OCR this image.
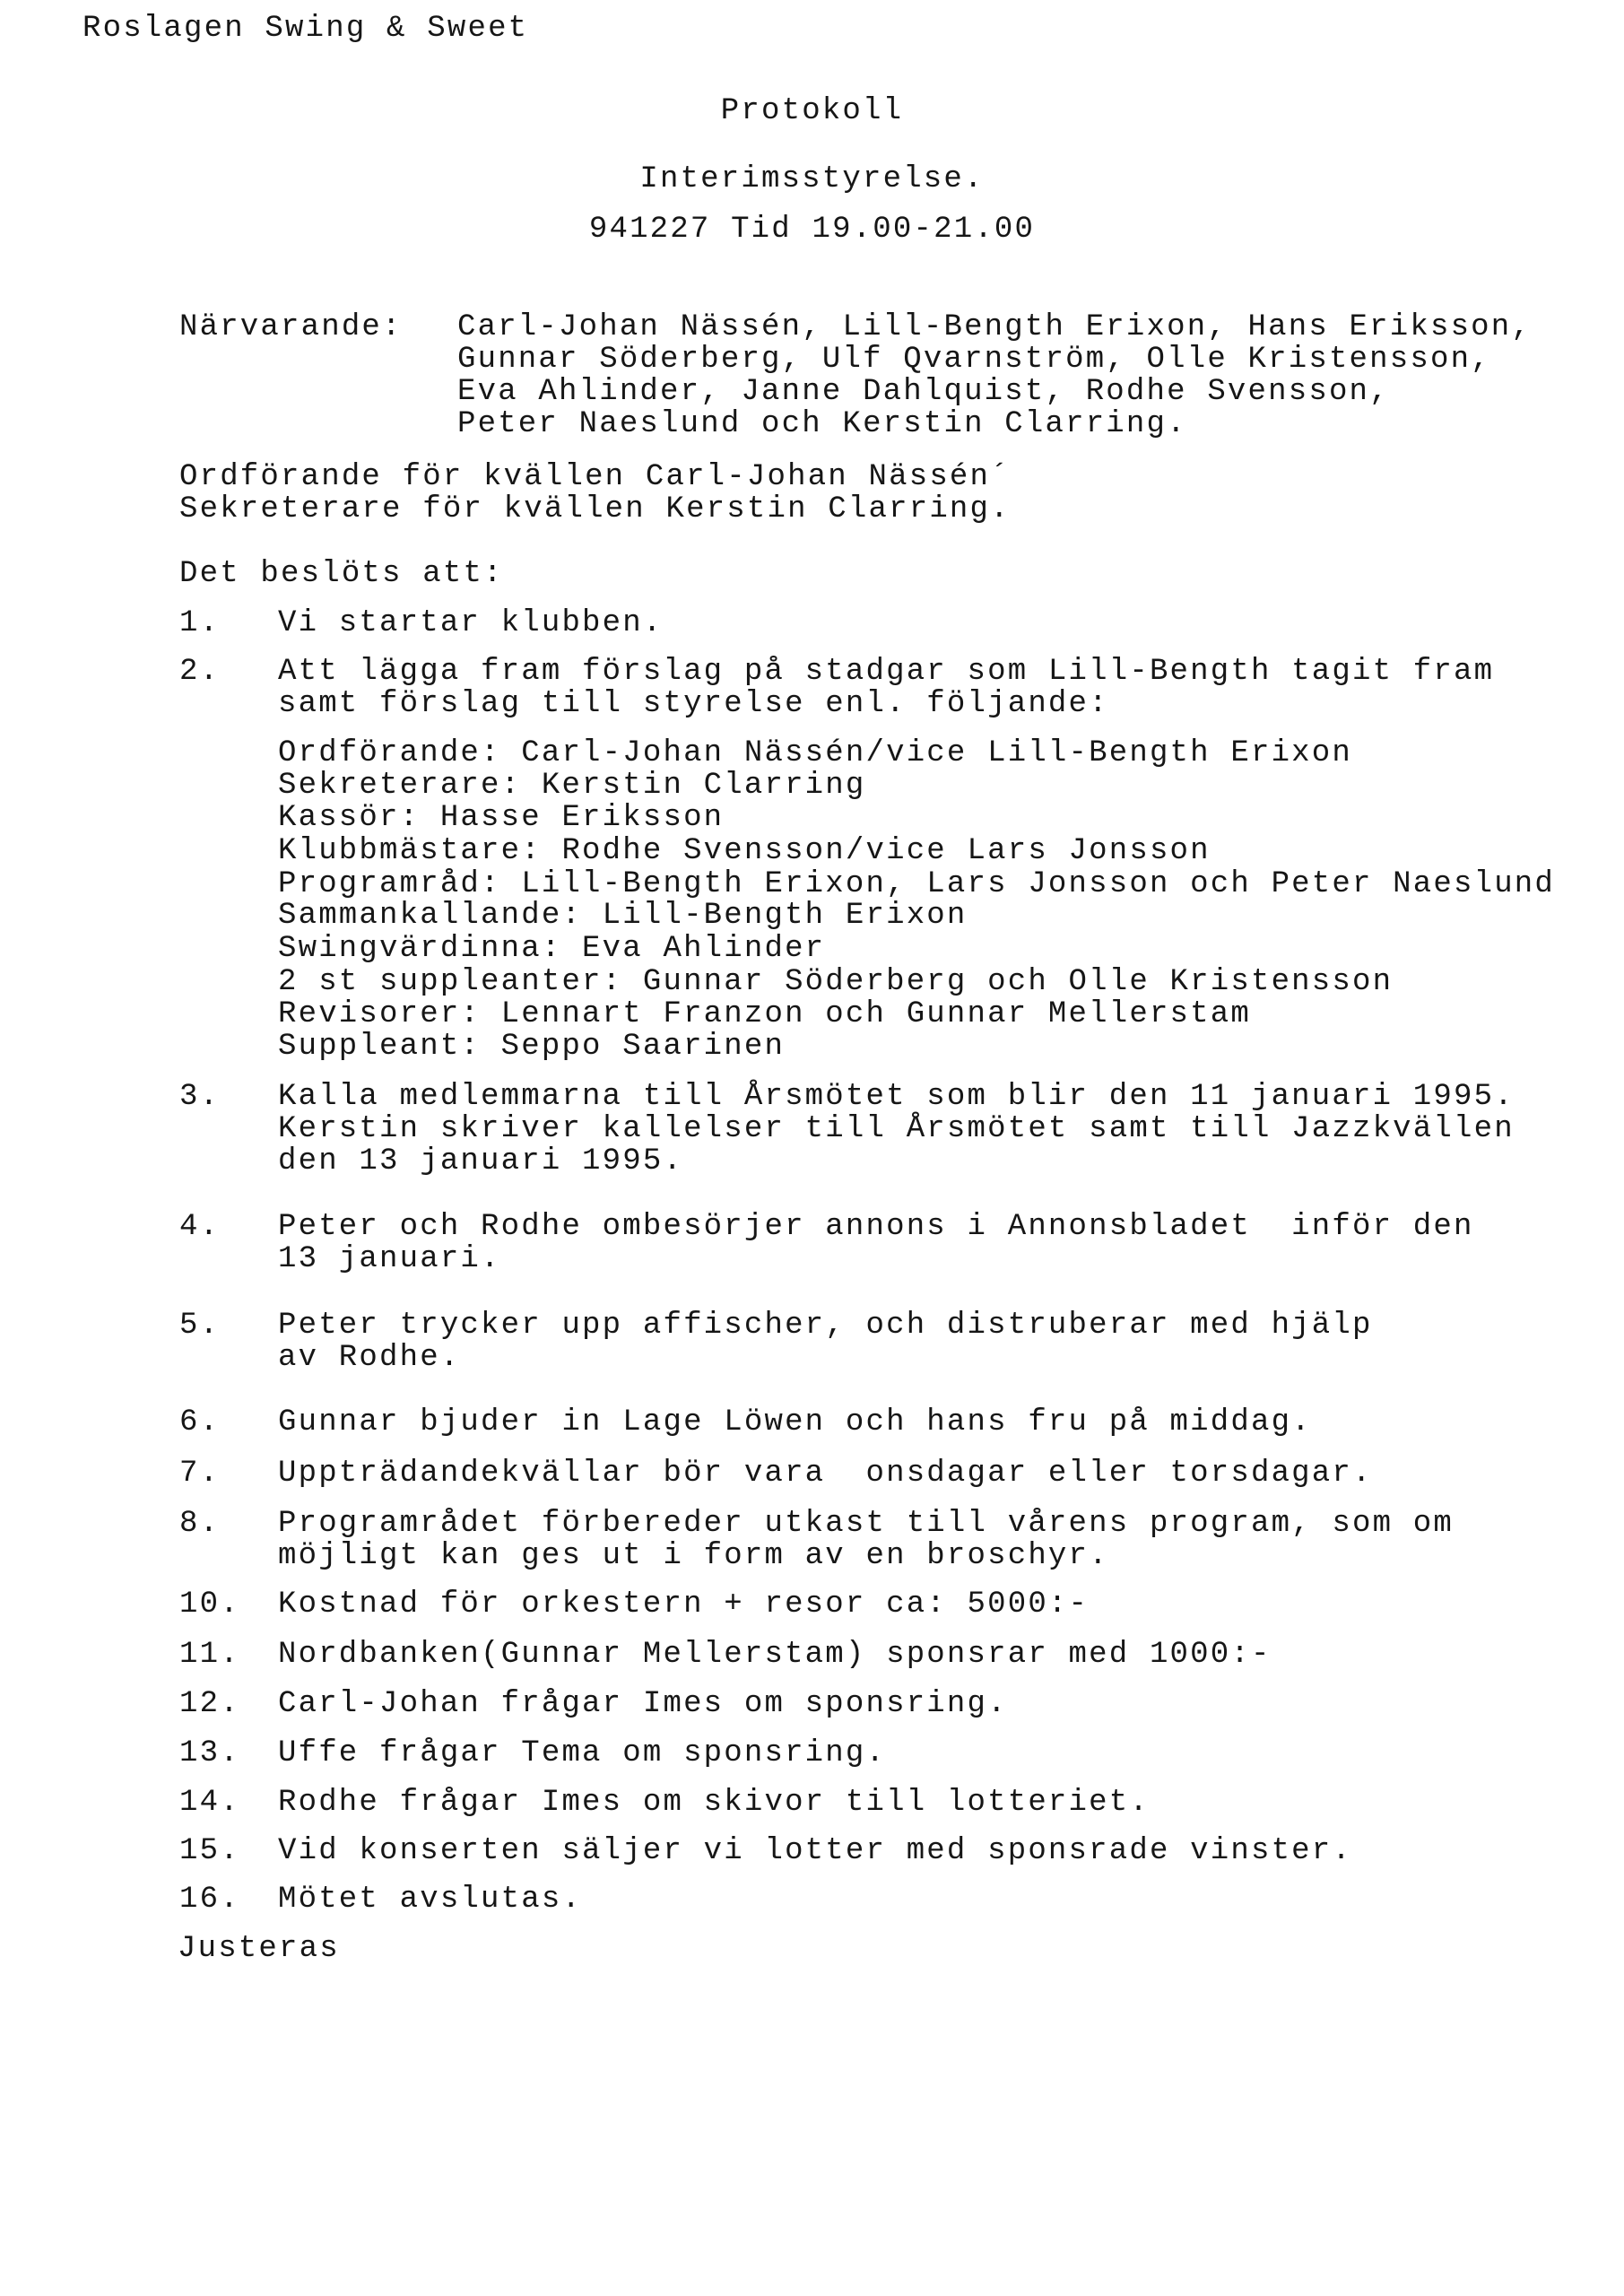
Roslagen Swing & Sweet
Protokoll
Interimsstyrelse.
941227 Tid 19.00-21.00
Närvarande: Carl-Johan Nässén, Lill-Bength Erixon, Hans Eriksson,
Gunnar Söderberg, Ulf Qvarnström, Olle Kristensson,
Eva Ahlinder, Janne Dahlquist, Rodhe Svensson,
Peter Naeslund och Kerstin Clarring.
Ordförande för kvällen Carl-Johan Nässén´
Sekreterare för kvällen Kerstin Clarring.
Det beslöts att:
1. Vi startar klubben.
2. Att lägga fram förslag på stadgar som Lill-Bength tagit fram
samt förslag till styrelse enl. följande:
Ordförande: Carl-Johan Nässén/vice Lill-Bength Erixon
Sekreterare: Kerstin Clarring
Kassör: Hasse Eriksson
Klubbmästare: Rodhe Svensson/vice Lars Jonsson
Programråd: Lill-Bength Erixon, Lars Jonsson och Peter Naeslund
Sammankallande: Lill-Bength Erixon
Swingvärdinna: Eva Ahlinder
2 st suppleanter: Gunnar Söderberg och Olle Kristensson
Revisorer: Lennart Franzon och Gunnar Mellerstam
Suppleant: Seppo Saarinen
3. Kalla medlemmarna till Årsmötet som blir den 11 januari 1995.
Kerstin skriver kallelser till Årsmötet samt till Jazzkvällen
den 13 januari 1995.
4. Peter och Rodhe ombesörjer annons i Annonsbladet  inför den
13 januari.
5. Peter trycker upp affischer, och distruberar med hjälp
av Rodhe.
6. Gunnar bjuder in Lage Löwen och hans fru på middag.
7. Uppträdandekvällar bör vara  onsdagar eller torsdagar.
8. Programrådet förbereder utkast till vårens program, som om
möjligt kan ges ut i form av en broschyr.
10. Kostnad för orkestern + resor ca: 5000:-
11. Nordbanken(Gunnar Mellerstam) sponsrar med 1000:-
12. Carl-Johan frågar Imes om sponsring.
13. Uffe frågar Tema om sponsring.
14. Rodhe frågar Imes om skivor till lotteriet.
15. Vid konserten säljer vi lotter med sponsrade vinster.
16. Mötet avslutas.
Justeras
